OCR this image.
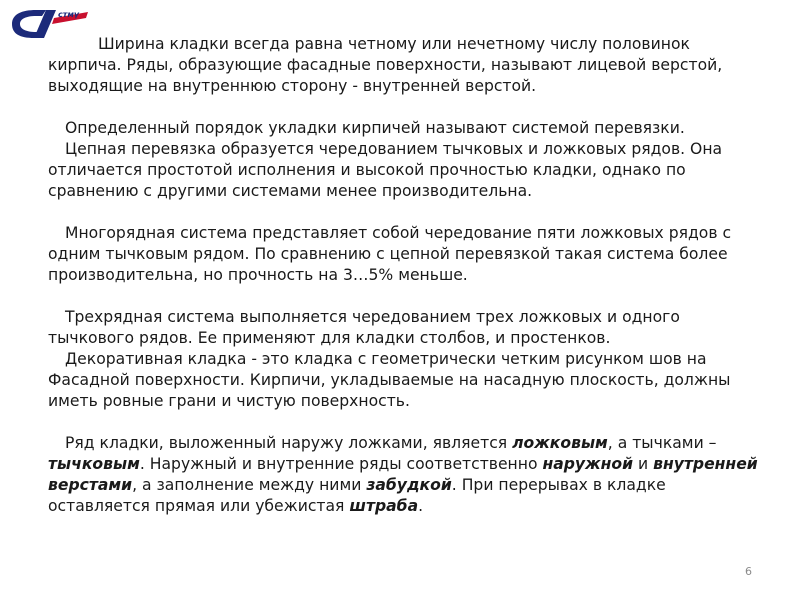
стмү

Ширина кладки всегда равна четному или нечетному числу половинок кирпича. Ряды, образующие фасадные поверхности, называют лицевой верстой, выходящие на внутреннюю сторону - внутренней верстой.

Определенный порядок укладки кирпичей называют системой перевязки.

Цепная перевязка образуется чередованием тычковых и ложковых рядов. Она отличается простотой исполнения и высокой прочностью кладки, однако по сравнению с другими системами менее производительна.

Многорядная система представляет собой чередование пяти ложковых рядов с одним тычковым рядом. По сравнению с цепной перевязкой такая система более производительна, но прочность на 3…5% меньше.

Трехрядная система выполняется чередованием трех ложковых и одного тычкового рядов. Ее применяют для кладки столбов, и простенков.

Декоративная кладка - это кладка с геометрически четким рисунком шов на Фасадной поверхности. Кирпичи, укладываемые на насадную плоскость, должны иметь ровные грани и чистую поверхность.

Ряд кладки, выложенный наружу ложками, является ложковым, а тычками – тычковым. Наружный и внутренние ряды соответственно наружной и внутренней верстами, а заполнение между ними забудкой. При перерывах в кладке оставляется прямая или убежистая штраба.

6
